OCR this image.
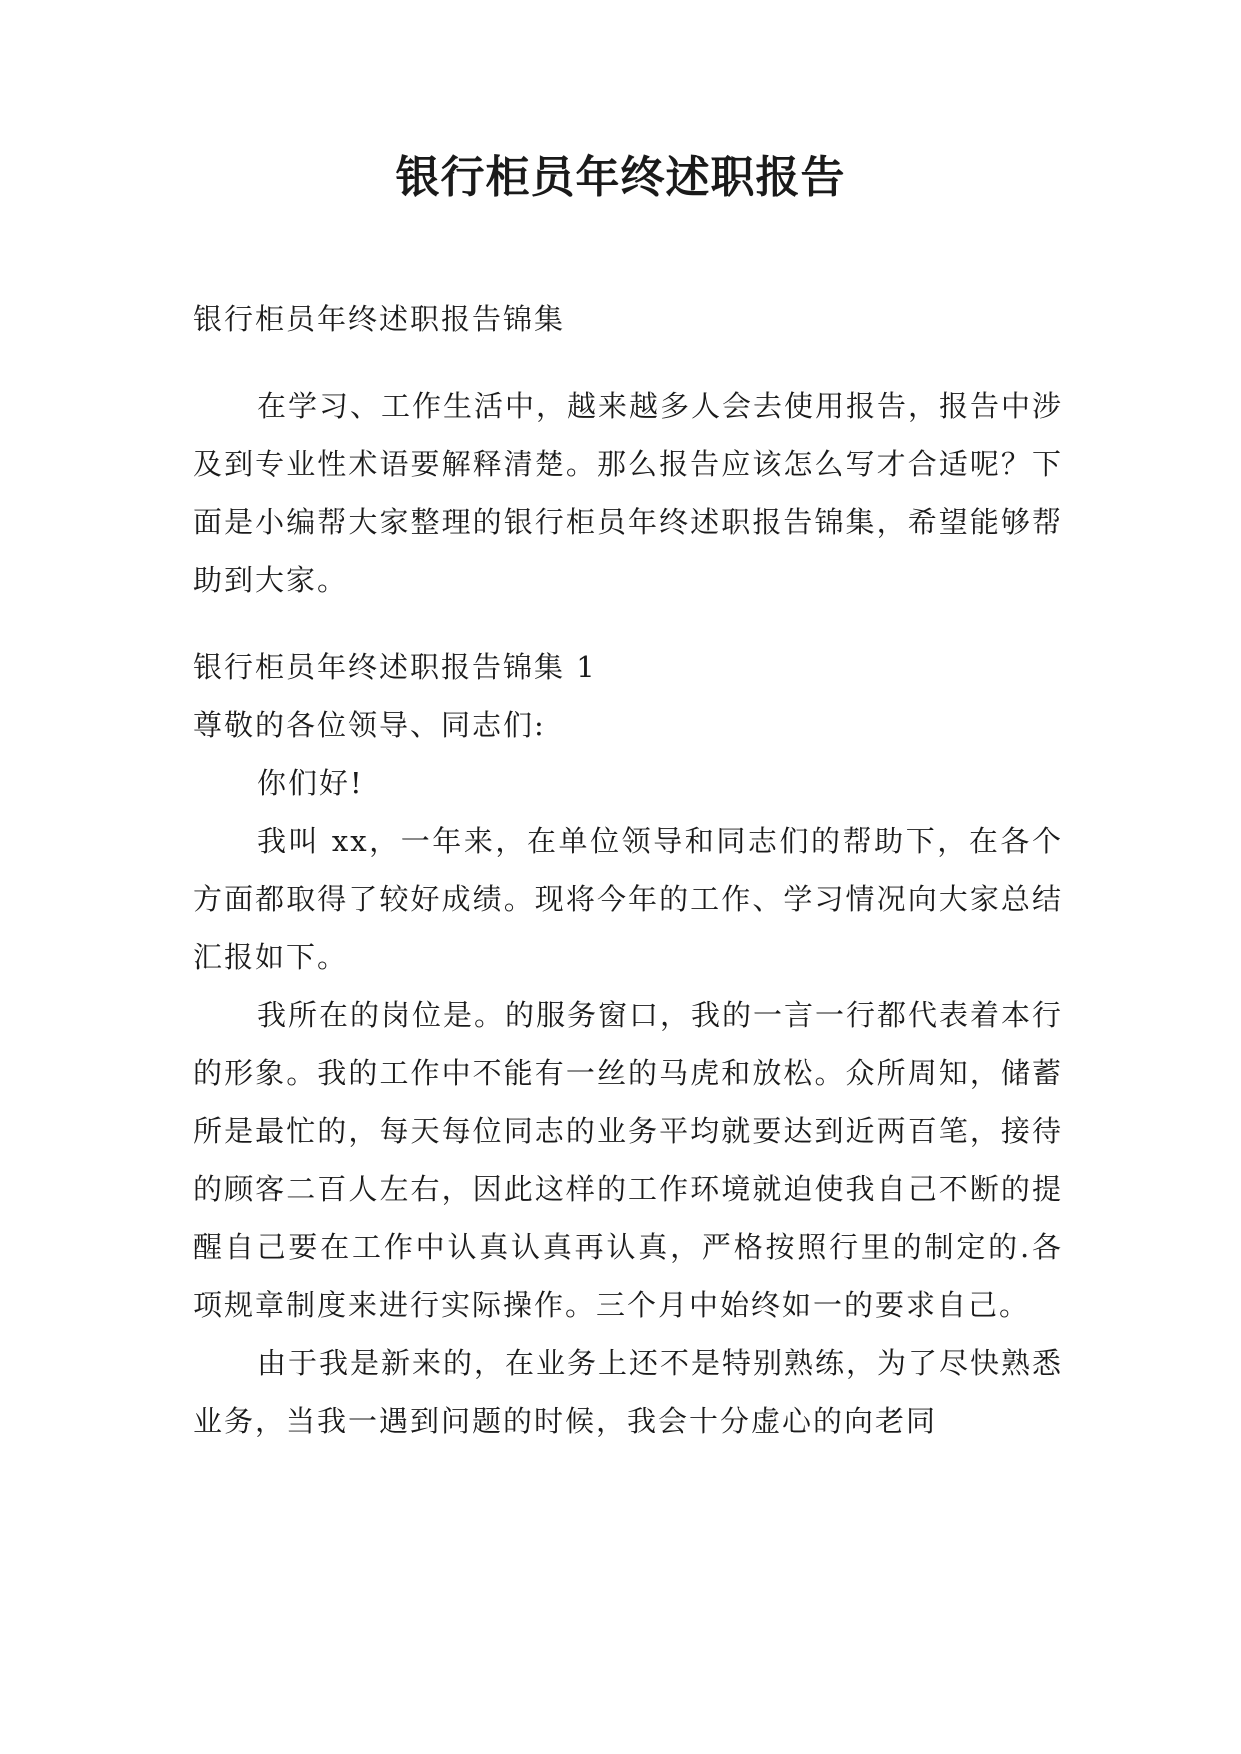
银行柜员年终述职报告

银行柜员年终述职报告锦集

在学习、工作生活中，越来越多人会去使用报告，报告中涉及到专业性术语要解释清楚。那么报告应该怎么写才合适呢？下面是小编帮大家整理的银行柜员年终述职报告锦集，希望能够帮助到大家。

银行柜员年终述职报告锦集 1

尊敬的各位领导、同志们:

你们好!

我叫 xx，一年来，在单位领导和同志们的帮助下，在各个方面都取得了较好成绩。现将今年的工作、学习情况向大家总结汇报如下。

我所在的岗位是。的服务窗口，我的一言一行都代表着本行的形象。我的工作中不能有一丝的马虎和放松。众所周知，储蓄所是最忙的，每天每位同志的业务平均就要达到近两百笔，接待的顾客二百人左右，因此这样的工作环境就迫使我自己不断的提醒自己要在工作中认真认真再认真，严格按照行里的制定的.各项规章制度来进行实际操作。三个月中始终如一的要求自己。

由于我是新来的，在业务上还不是特别熟练，为了尽快熟悉业务，当我一遇到问题的时候，我会十分虚心的向老同
